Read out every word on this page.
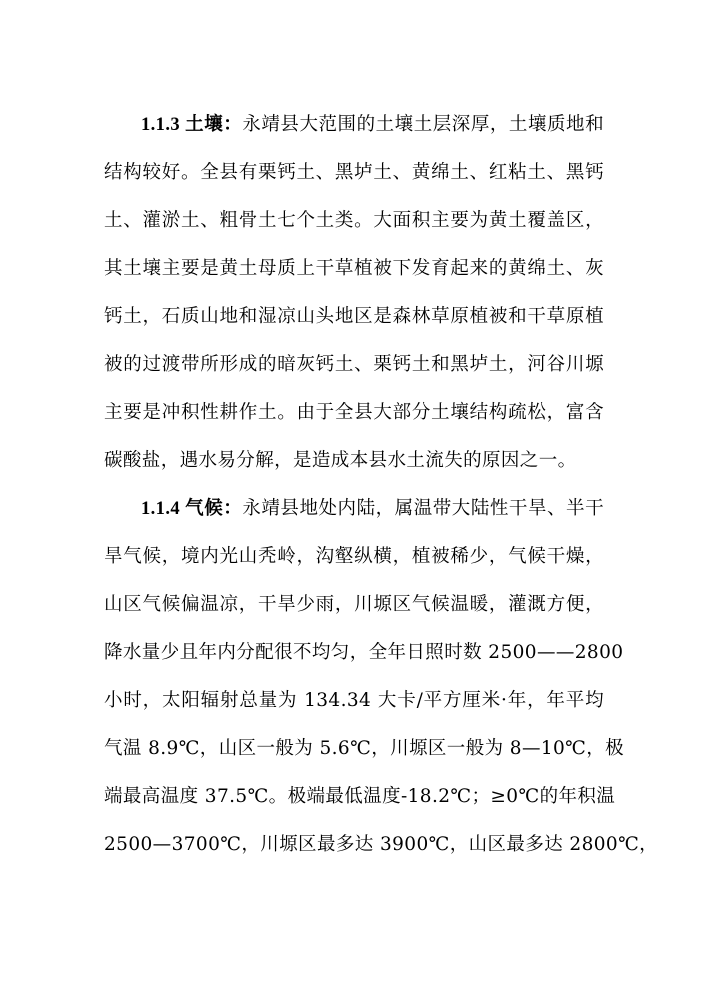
1.1.3 土壤：永靖县大范围的土壤土层深厚，土壤质地和
结构较好。全县有栗钙土、黑垆土、黄绵土、红粘土、黑钙
土、灌淤土、粗骨土七个土类。大面积主要为黄土覆盖区，
其土壤主要是黄土母质上干草植被下发育起来的黄绵土、灰
钙土，石质山地和湿凉山头地区是森林草原植被和干草原植
被的过渡带所形成的暗灰钙土、栗钙土和黑垆土，河谷川塬
主要是冲积性耕作土。由于全县大部分土壤结构疏松，富含
碳酸盐，遇水易分解，是造成本县水土流失的原因之一。
1.1.4 气候：永靖县地处内陆，属温带大陆性干旱、半干
旱气候，境内光山秃岭，沟壑纵横，植被稀少，气候干燥，
山区气候偏温凉，干旱少雨，川塬区气候温暖，灌溉方便，
降水量少且年内分配很不均匀，全年日照时数 2500——2800
小时，太阳辐射总量为 134.34 大卡/平方厘米·年，年平均
气温 8.9℃，山区一般为 5.6℃，川塬区一般为 8—10℃，极
端最高温度 37.5℃。极端最低温度-18.2℃；≥0℃的年积温
2500—3700℃，川塬区最多达 3900℃，山区最多达 2800℃，
